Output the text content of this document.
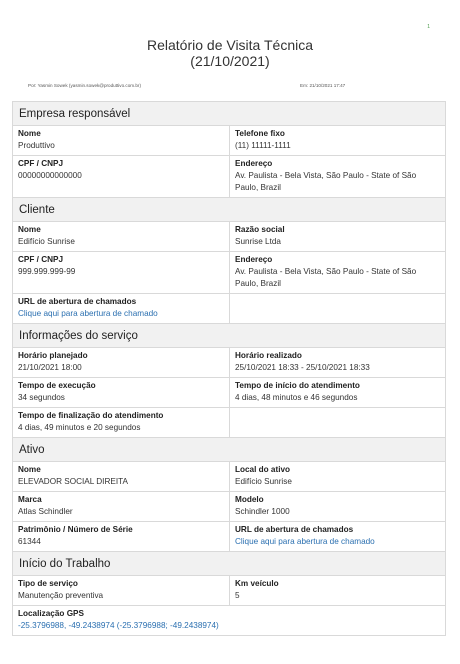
1
Relatório de Visita Técnica
(21/10/2021)
Por: Yasmin Sowek (yasmin.sowek@produttivo.com.br)	Em: 21/10/2021 17:47
Empresa responsável
Nome
Produttivo
Telefone fixo
(11) 11111-1111
CPF / CNPJ
00000000000000
Endereço
Av. Paulista - Bela Vista, São Paulo - State of São Paulo, Brazil
Cliente
Nome
Edifício Sunrise
Razão social
Sunrise Ltda
CPF / CNPJ
999.999.999-99
Endereço
Av. Paulista - Bela Vista, São Paulo - State of São Paulo, Brazil
URL de abertura de chamados
Clique aqui para abertura de chamado
Informações do serviço
Horário planejado
21/10/2021 18:00
Horário realizado
25/10/2021 18:33 - 25/10/2021 18:33
Tempo de execução
34 segundos
Tempo de início do atendimento
4 dias, 48 minutos e 46 segundos
Tempo de finalização do atendimento
4 dias, 49 minutos e 20 segundos
Ativo
Nome
ELEVADOR SOCIAL DIREITA
Local do ativo
Edifício Sunrise
Marca
Atlas Schindler
Modelo
Schindler 1000
Patrimônio / Número de Série
61344
URL de abertura de chamados
Clique aqui para abertura de chamado
Início do Trabalho
Tipo de serviço
Manutenção preventiva
Km veículo
5
Localização GPS
-25.3796988, -49.2438974 (-25.3796988; -49.2438974)
